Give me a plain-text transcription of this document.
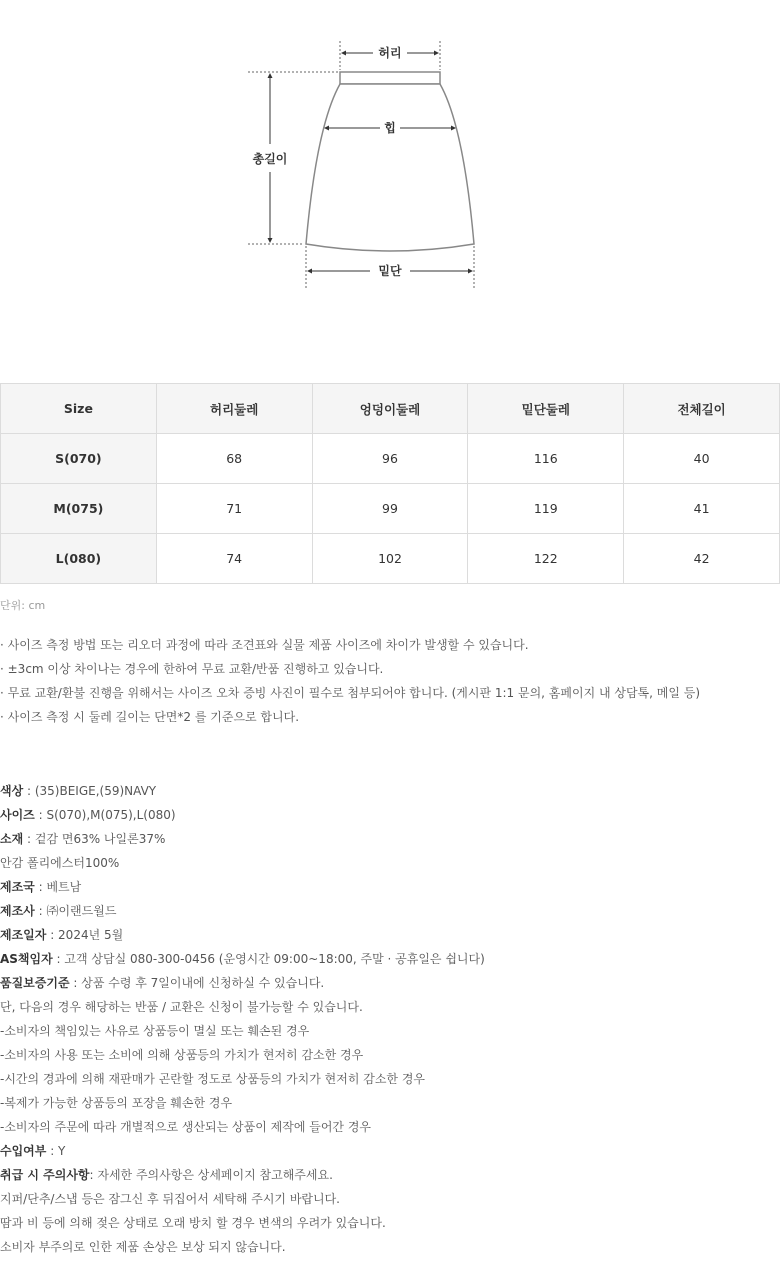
허리
힙
총길이
밑단
Size	허리둘레	엉덩이둘레	밑단둘레	전체길이
S(070)	68	96	116	40
M(075)	71	99	119	41
L(080)	74	102	122	42
단위: cm
· 사이즈 측정 방법 또는 리오더 과정에 따라 조견표와 실물 제품 사이즈에 차이가 발생할 수 있습니다.
· ±3cm 이상 차이나는 경우에 한하여 무료 교환/반품 진행하고 있습니다.
· 무료 교환/환불 진행을 위해서는 사이즈 오차 증빙 사진이 필수로 첨부되어야 합니다. (게시판 1:1 문의, 홈페이지 내 상담톡, 메일 등)
· 사이즈 측정 시 둘레 길이는 단면*2 를 기준으로 합니다.
색상 : (35)BEIGE,(59)NAVY
사이즈 : S(070),M(075),L(080)
소재 : 겉감 면63% 나일론37%
안감 폴리에스터100%
제조국 : 베트남
제조사 : ㈜이랜드월드
제조일자 : 2024년 5월
AS책임자 : 고객 상담실 080-300-0456 (운영시간 09:00~18:00, 주말 · 공휴일은 쉽니다)
품질보증기준 : 상품 수령 후 7일이내에 신청하실 수 있습니다.
단, 다음의 경우 해당하는 반품 / 교환은 신청이 불가능할 수 있습니다.
-소비자의 책임있는 사유로 상품등이 멸실 또는 훼손된 경우
-소비자의 사용 또는 소비에 의해 상품등의 가치가 현저히 감소한 경우
-시간의 경과에 의해 재판매가 곤란할 정도로 상품등의 가치가 현저히 감소한 경우
-복제가 가능한 상품등의 포장을 훼손한 경우
-소비자의 주문에 따라 개별적으로 생산되는 상품이 제작에 들어간 경우
수입여부 : Y
취급 시 주의사항: 자세한 주의사항은 상세페이지 참고해주세요.
지퍼/단추/스냅 등은 잠그신 후 뒤집어서 세탁해 주시기 바랍니다.
땀과 비 등에 의해 젖은 상태로 오래 방치 할 경우 변색의 우려가 있습니다.
소비자 부주의로 인한 제품 손상은 보상 되지 않습니다.
